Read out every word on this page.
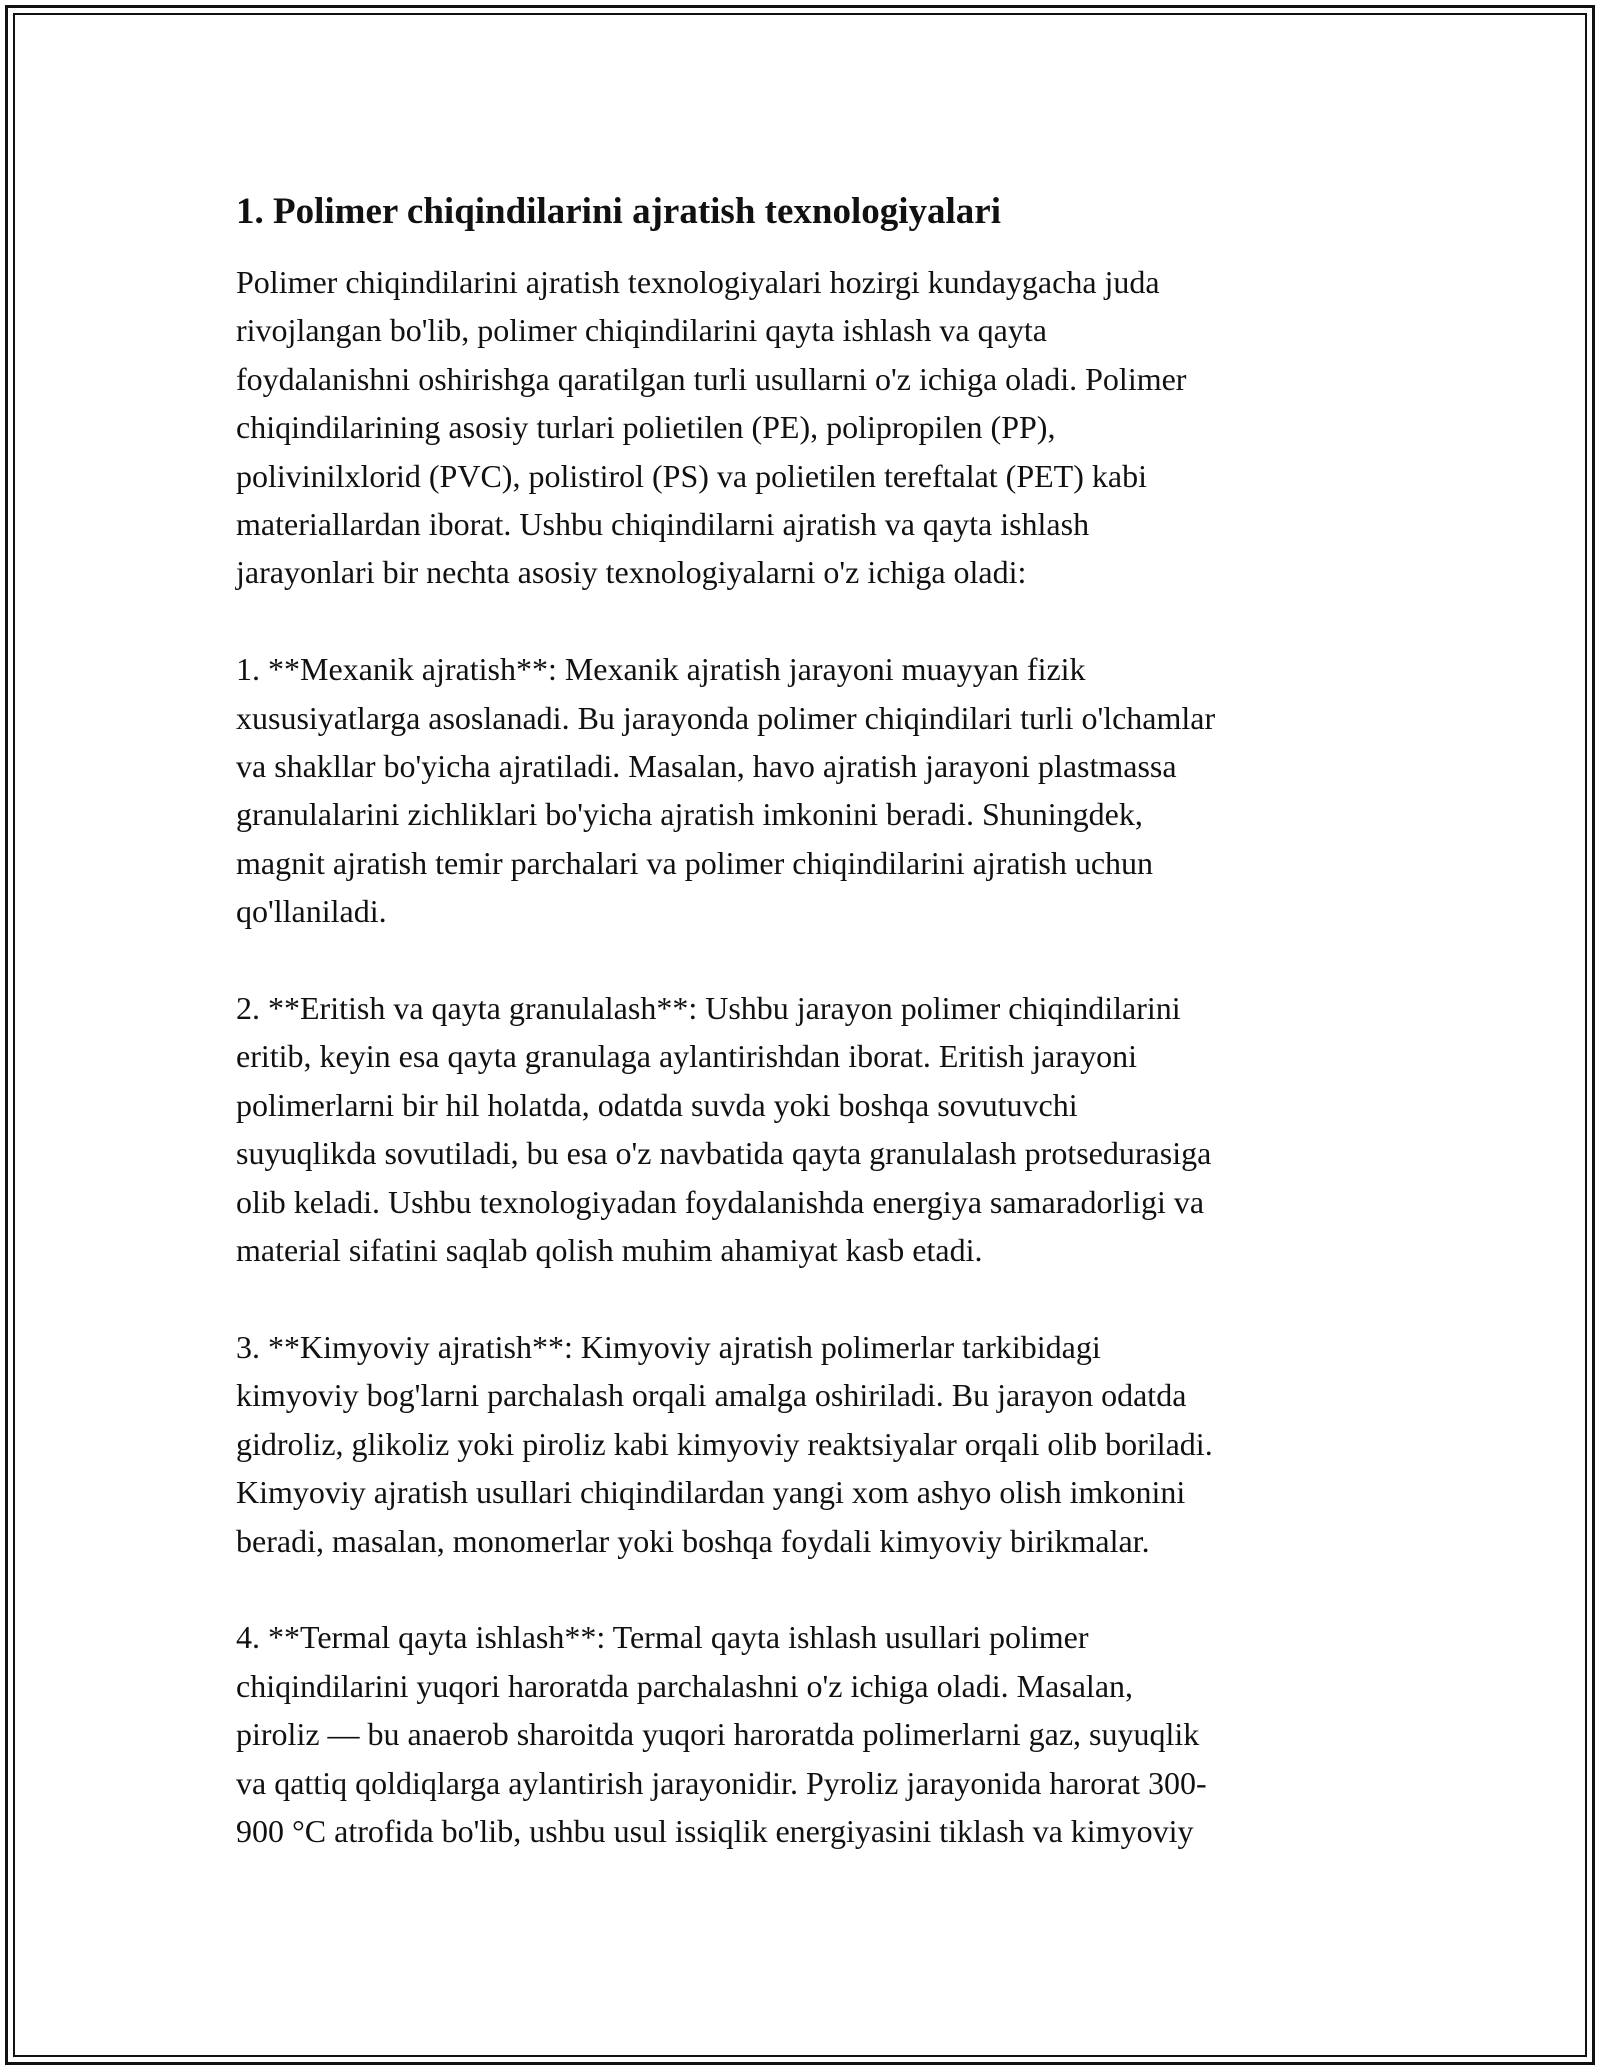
1. Polimer chiqindilarini ajratish texnologiyalari
Polimer chiqindilarini ajratish texnologiyalari hozirgi kundaygacha juda
rivojlangan bo'lib, polimer chiqindilarini qayta ishlash va qayta
foydalanishni oshirishga qaratilgan turli usullarni o'z ichiga oladi. Polimer
chiqindilarining asosiy turlari polietilen (PE), polipropilen (PP),
polivinilxlorid (PVC), polistirol (PS) va polietilen tereftalat (PET) kabi
materiallardan iborat. Ushbu chiqindilarni ajratish va qayta ishlash
jarayonlari bir nechta asosiy texnologiyalarni o'z ichiga oladi:
1. **Mexanik ajratish**: Mexanik ajratish jarayoni muayyan fizik
xususiyatlarga asoslanadi. Bu jarayonda polimer chiqindilari turli o'lchamlar
va shakllar bo'yicha ajratiladi. Masalan, havo ajratish jarayoni plastmassa
granulalarini zichliklari bo'yicha ajratish imkonini beradi. Shuningdek,
magnit ajratish temir parchalari va polimer chiqindilarini ajratish uchun
qo'llaniladi.
2. **Eritish va qayta granulalash**: Ushbu jarayon polimer chiqindilarini
eritib, keyin esa qayta granulaga aylantirishdan iborat. Eritish jarayoni
polimerlarni bir hil holatda, odatda suvda yoki boshqa sovutuvchi
suyuqlikda sovutiladi, bu esa o'z navbatida qayta granulalash protsedurasiga
olib keladi. Ushbu texnologiyadan foydalanishda energiya samaradorligi va
material sifatini saqlab qolish muhim ahamiyat kasb etadi.
3. **Kimyoviy ajratish**: Kimyoviy ajratish polimerlar tarkibidagi
kimyoviy bog'larni parchalash orqali amalga oshiriladi. Bu jarayon odatda
gidroliz, glikoliz yoki piroliz kabi kimyoviy reaktsiyalar orqali olib boriladi.
Kimyoviy ajratish usullari chiqindilardan yangi xom ashyo olish imkonini
beradi, masalan, monomerlar yoki boshqa foydali kimyoviy birikmalar.
4. **Termal qayta ishlash**: Termal qayta ishlash usullari polimer
chiqindilarini yuqori haroratda parchalashni o'z ichiga oladi. Masalan,
piroliz — bu anaerob sharoitda yuqori haroratda polimerlarni gaz, suyuqlik
va qattiq qoldiqlarga aylantirish jarayonidir. Pyroliz jarayonida harorat 300-
900 °C atrofida bo'lib, ushbu usul issiqlik energiyasini tiklash va kimyoviy
